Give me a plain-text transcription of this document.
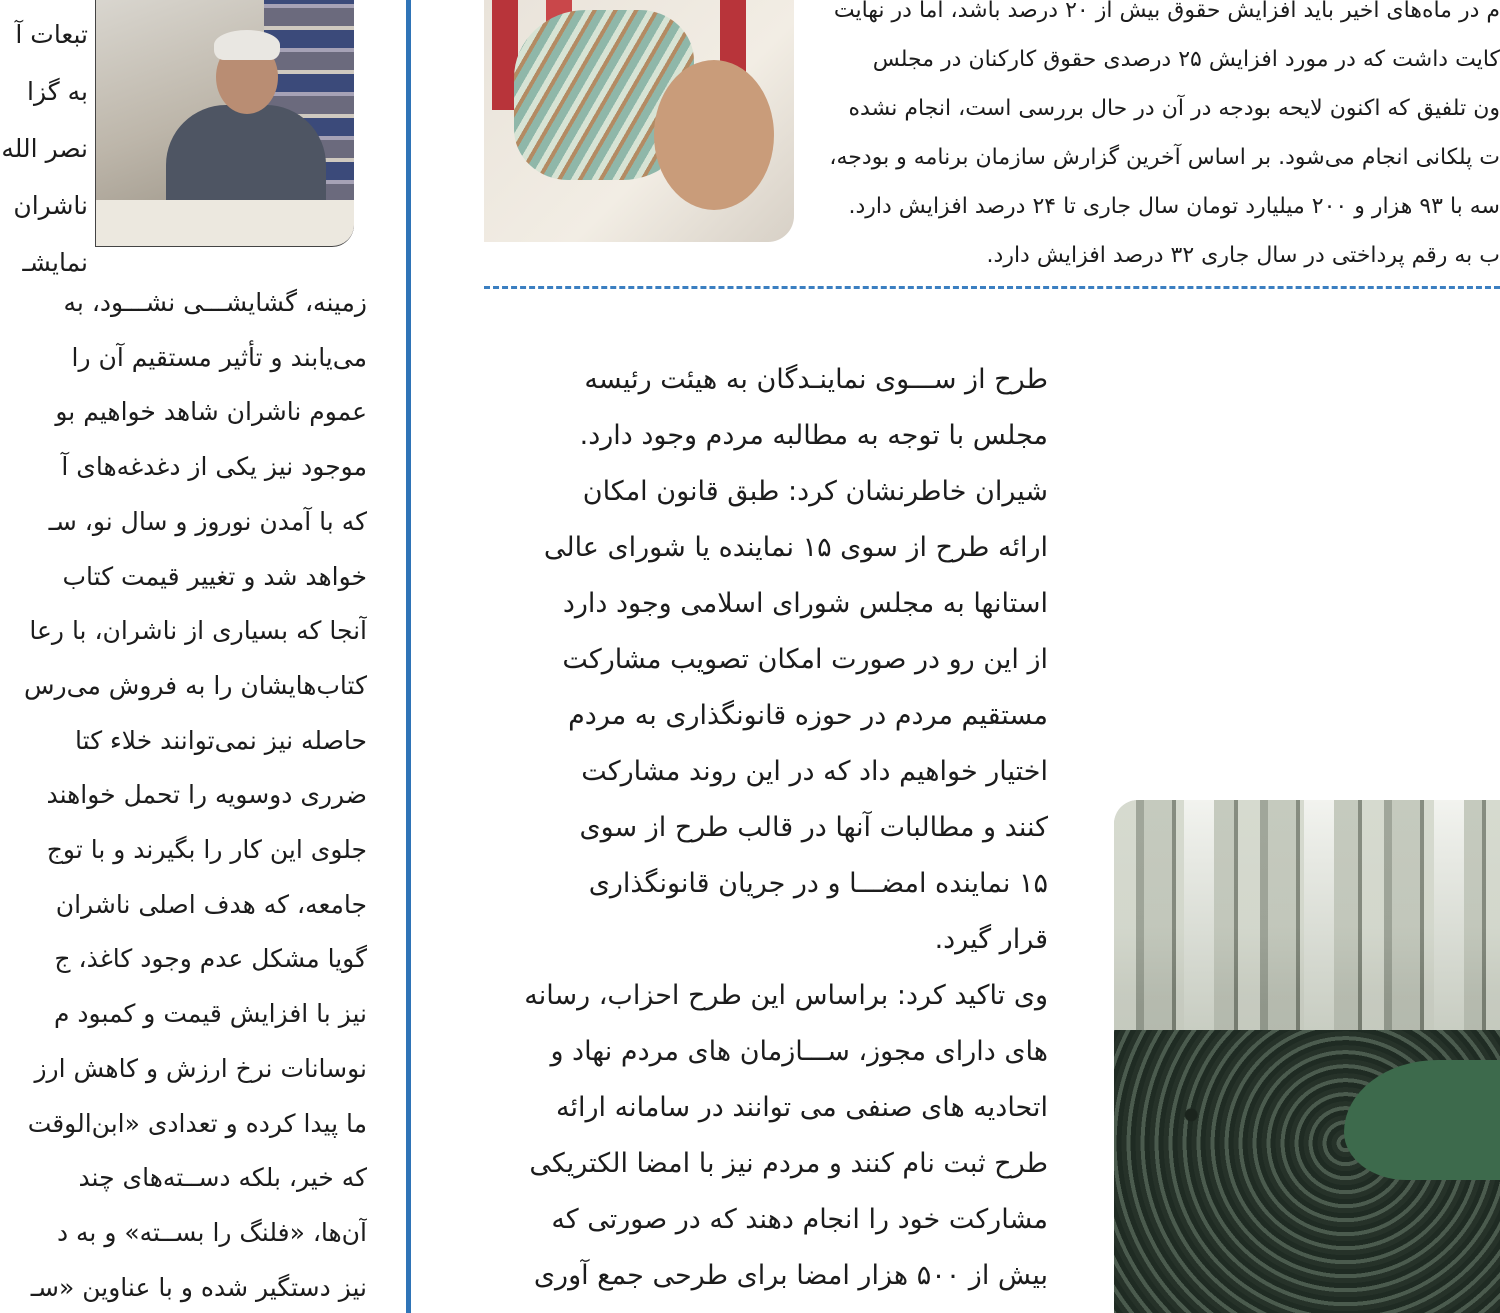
تبعات آ
به گزا
نصر الله
ناشران
نمایشـ
زمینه، گشایشـــی نشـــود، به
می‌یابند و تأثیر مستقیم آن را
عموم ناشران شاهد خواهیم بو
موجود نیز یکی از دغدغه‌های آ
که با آمدن نوروز و سال نو، سـ
خواهد شد و تغییر قیمت کتاب
آنجا که بسیاری از ناشران، با رعا
کتاب‌هایشان را به فروش می‌رس
حاصله نیز نمی‌توانند خلاء کتا
ضرری دوسویه را تحمل خواهند
جلوی این کار را بگیرند و با توج
جامعه، که هدف اصلی ناشران
گویا مشکل عدم وجود کاغذ، ج
نیز با افزایش قیمت و کمبود م
نوسانات نرخ ارزش و کاهش ارز
ما پیدا کرده و تعدادی «ابن‌الوقت
که خیر، بلکه دســته‌های چند
آن‌ها، «فلنگ را بســته» و به د
نیز دستگیر شده و با عناوین «سـ
م در ماه‌های اخیر باید افزایش حقوق بیش از ۲۰ درصد باشد، اما در نهایت
کایت داشت که در مورد افزایش ۲۵ درصدی حقوق کارکنان در مجلس
ون تلفیق که اکنون لایحه بودجه در آن در حال بررسی است، انجام نشده
ت پلکانی انجام می‌شود. بر اساس آخرین گزارش سازمان برنامه و بودجه،
سه با ۹۳ هزار و ۲۰۰ میلیارد تومان سال جاری تا ۲۴ درصد افزایش دارد.
ب به رقم پرداختی در سال جاری ۳۲ درصد افزایش دارد.
طرح از ســـوی نماینـدگان به هیئت رئیسه
مجلس با توجه به مطالبه مردم وجود دارد.
شیران خاطرنشان کرد: طبق قانون امکان
ارائه طرح از سوی ۱۵ نماینده یا شورای عالی
استانها به مجلس شورای اسلامی وجود دارد
از این رو در صورت امکان تصویب مشارکت
مستقیم مردم در حوزه قانونگذاری به مردم
اختیار خواهیم داد که در این روند مشارکت
کنند و مطالبات آنها در قالب طرح از سوی
۱۵ نماینده امضـــا و در جریان قانونگذاری
قرار گیرد.
وی تاکید کرد: براساس این طرح احزاب، رسانه
های دارای مجوز، ســـازمان های مردم نهاد و
اتحادیه های صنفی می توانند در سامانه ارائه
طرح ثبت نام کنند و مردم نیز با امضا الکتریکی
مشارکت خود را انجام دهند که در صورتی که
بیش از ۵۰۰ هزار امضا برای طرحی جمع آوری
